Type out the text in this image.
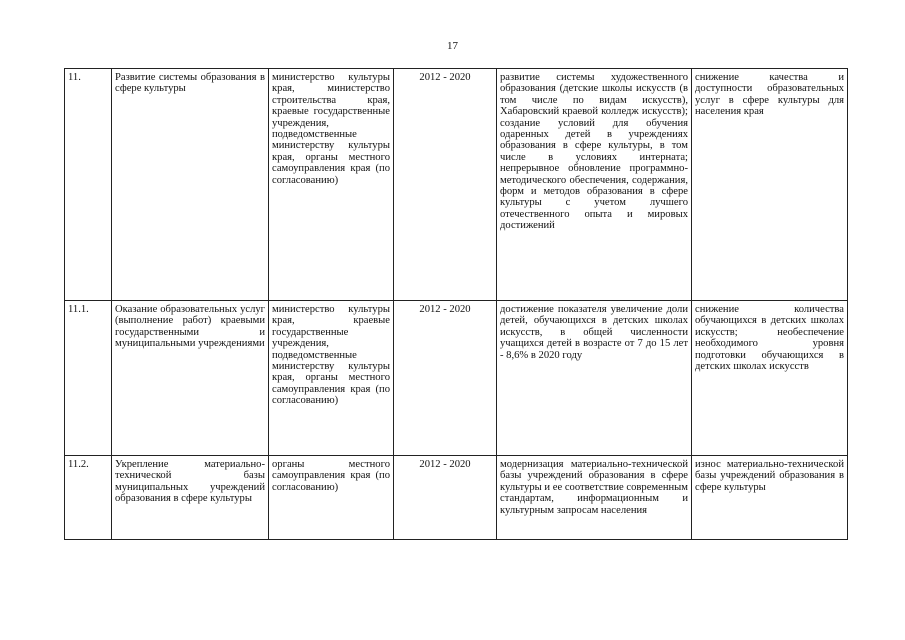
17
11.	Развитие системы образования в сфере культуры	министерство культуры края, министерство строительства края, краевые государственные учреждения, подведомственные министерству культуры края, органы местного самоуправления края (по согласованию)	2012 - 2020	развитие системы художественного образования (детские школы искусств (в том числе по видам искусств), Хабаровский краевой колледж искусств); создание условий для обучения одаренных детей в учреждениях образования в сфере культуры, в том числе в условиях интерната; непрерывное обновление программно-методического обеспечения, содержания, форм и методов образования в сфере культуры с учетом лучшего отечественного опыта и мировых достижений	снижение качества и доступности образовательных услуг в сфере культуры для населения края
11.1.	Оказание образовательных услуг (выполнение работ) краевыми государственными и муниципальными учреждениями	министерство культуры края, краевые государственные учреждения, подведомственные министерству культуры края, органы местного самоуправления края (по согласованию)	2012 - 2020	достижение показателя увеличение доли детей, обучающихся в детских школах искусств, в общей численности учащихся детей в возрасте от 7 до 15 лет - 8,6% в 2020 году	снижение количества обучающихся в детских школах искусств; необеспечение необходимого уровня подготовки обучающихся в детских школах искусств
11.2.	Укрепление материально-технической базы муниципальных учреждений образования в сфере культуры	органы местного самоуправления края (по согласованию)	2012 - 2020	модернизация материально-технической базы учреждений образования в сфере культуры и ее соответствие современным стандартам, информационным и культурным запросам населения	износ материально-технической базы учреждений образования в сфере культуры
